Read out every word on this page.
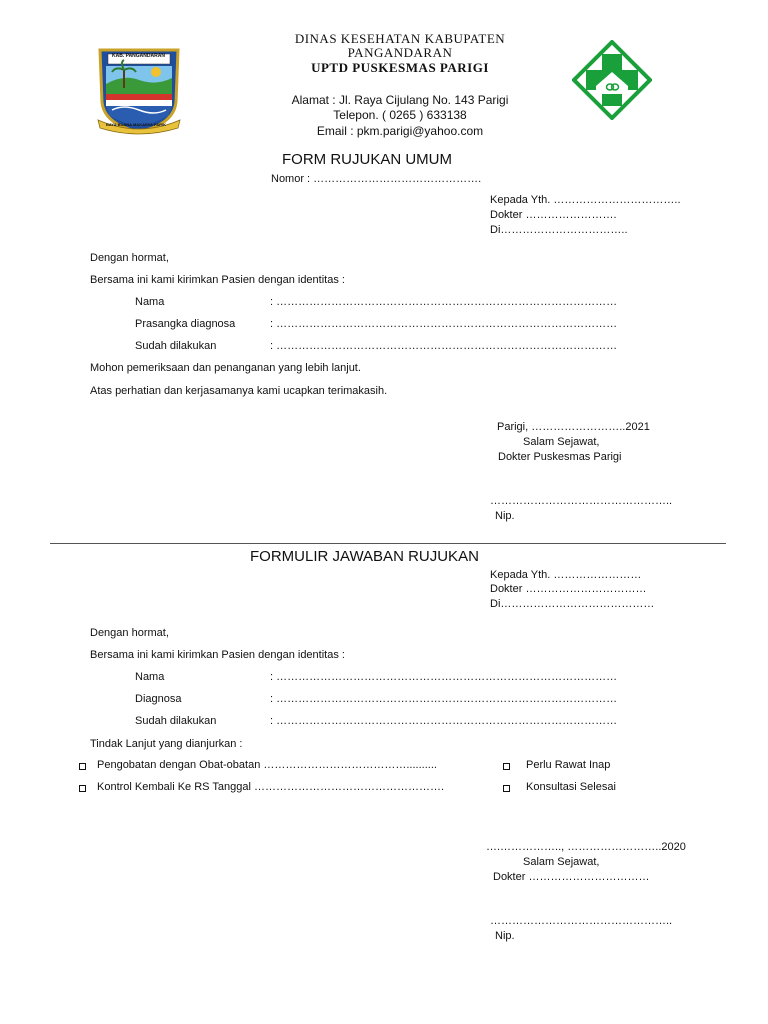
KAB. PANGANDARAN
BAYA BUANA MAKARYA PARIK
DINAS KESEHATAN KABUPATEN
PANGANDARAN
UPTD PUSKESMAS PARIGI
Alamat : Jl. Raya Cijulang No. 143 Parigi
Telepon. ( 0265 ) 633138
Email : pkm.parigi@yahoo.com
FORM RUJUKAN UMUM
Nomor : ……………………………………….
Kepada Yth. ……………………………..
Dokter …………………….
Di……………………………..
Dengan hormat,
Bersama ini kami kirimkan Pasien dengan identitas :
Nama	: …………………………………………………………………………………
Prasangka diagnosa	: …………………………………………………………………………………
Sudah dilakukan	: …………………………………………………………………………………
Mohon pemeriksaan dan penanganan yang lebih lanjut.
Atas perhatian dan kerjasamanya kami ucapkan terimakasih.
Parigi, ……………………..2021
Salam Sejawat,
Dokter Puskesmas Parigi
…………………………………………..
Nip.
FORMULIR JAWABAN RUJUKAN
Kepada Yth. ……………………
Dokter ……………………………
Di……………………………………
Dengan hormat,
Bersama ini kami kirimkan Pasien dengan identitas :
Nama	: …………………………………………………………………………………
Diagnosa	: …………………………………………………………………………………
Sudah dilakukan	: …………………………………………………………………………………
Tindak Lanjut yang dianjurkan :
Pengobatan dengan Obat-obatan …………………………………..........	Perlu Rawat Inap
Kontrol Kembali Ke RS Tanggal …………………………………………….	Konsultasi Selesai
….…………….., ……………………..2020
Salam Sejawat,
Dokter ……………………………
…………………………………………..
Nip.
